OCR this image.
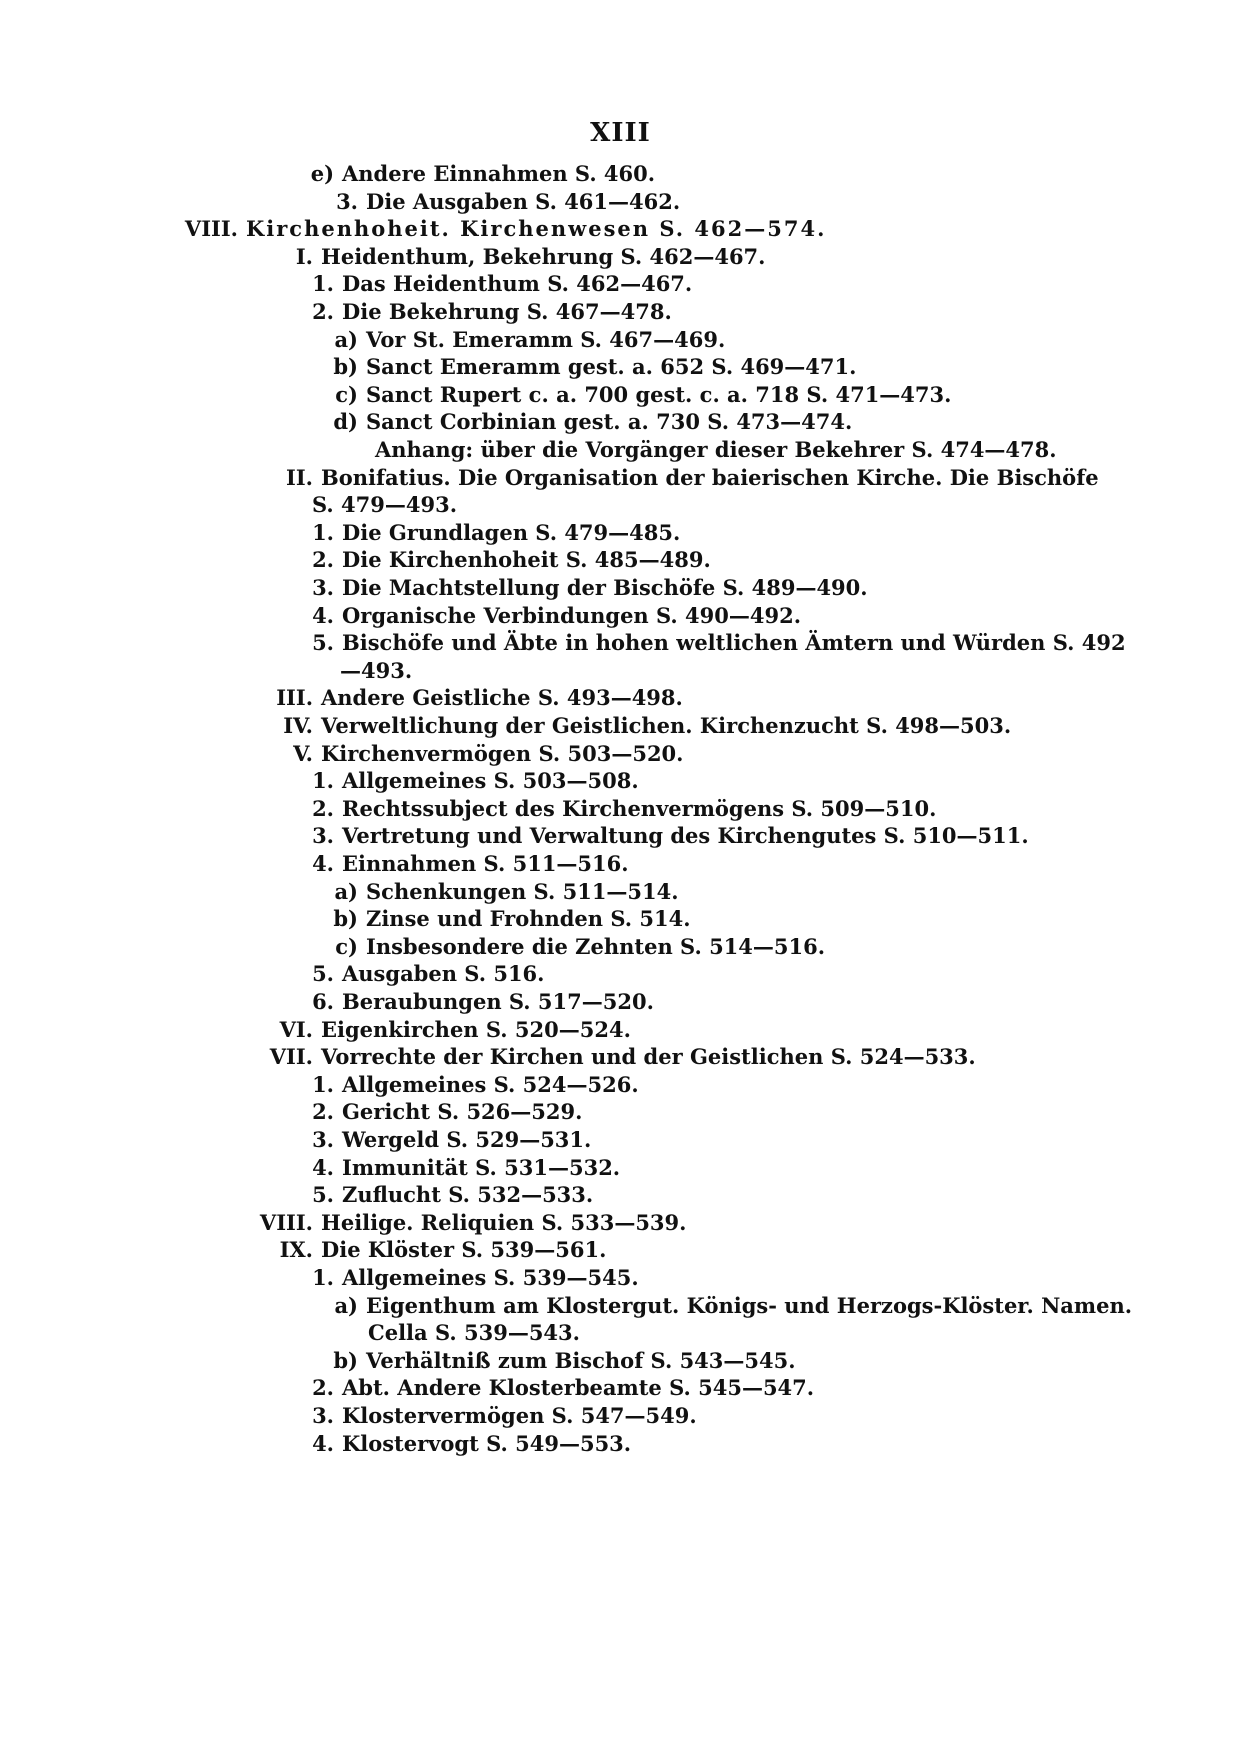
XIII

e) Andere Einnahmen S. 460.

3. Die Ausgaben S. 461—462.

VIII. Kirchenhoheit. Kirchenwesen S. 462—574.

I. Heidenthum, Bekehrung S. 462—467.

1. Das Heidenthum S. 462—467.

2. Die Bekehrung S. 467—478.

a) Vor St. Emeramm S. 467—469.

b) Sanct Emeramm gest. a. 652 S. 469—471.

c) Sanct Rupert c. a. 700 gest. c. a. 718 S. 471—473.

d) Sanct Corbinian gest. a. 730 S. 473—474.

Anhang: über die Vorgänger dieser Bekehrer S. 474—478.

II. Bonifatius. Die Organisation der baierischen Kirche. Die Bischöfe

S. 479—493.

1. Die Grundlagen S. 479—485.

2. Die Kirchenhoheit S. 485—489.

3. Die Machtstellung der Bischöfe S. 489—490.

4. Organische Verbindungen S. 490—492.

5. Bischöfe und Äbte in hohen weltlichen Ämtern und Würden S. 492

—493.

III. Andere Geistliche S. 493—498.

IV. Verweltlichung der Geistlichen. Kirchenzucht S. 498—503.

V. Kirchenvermögen S. 503—520.

1. Allgemeines S. 503—508.

2. Rechtssubject des Kirchenvermögens S. 509—510.

3. Vertretung und Verwaltung des Kirchengutes S. 510—511.

4. Einnahmen S. 511—516.

a) Schenkungen S. 511—514.

b) Zinse und Frohnden S. 514.

c) Insbesondere die Zehnten S. 514—516.

5. Ausgaben S. 516.

6. Beraubungen S. 517—520.

VI. Eigenkirchen S. 520—524.

VII. Vorrechte der Kirchen und der Geistlichen S. 524—533.

1. Allgemeines S. 524—526.

2. Gericht S. 526—529.

3. Wergeld S. 529—531.

4. Immunität S. 531—532.

5. Zuflucht S. 532—533.

VIII. Heilige. Reliquien S. 533—539.

IX. Die Klöster S. 539—561.

1. Allgemeines S. 539—545.

a) Eigenthum am Klostergut. Königs- und Herzogs-Klöster. Namen.

Cella S. 539—543.

b) Verhältniß zum Bischof S. 543—545.

2. Abt. Andere Klosterbeamte S. 545—547.

3. Klostervermögen S. 547—549.

4. Klostervogt S. 549—553.
